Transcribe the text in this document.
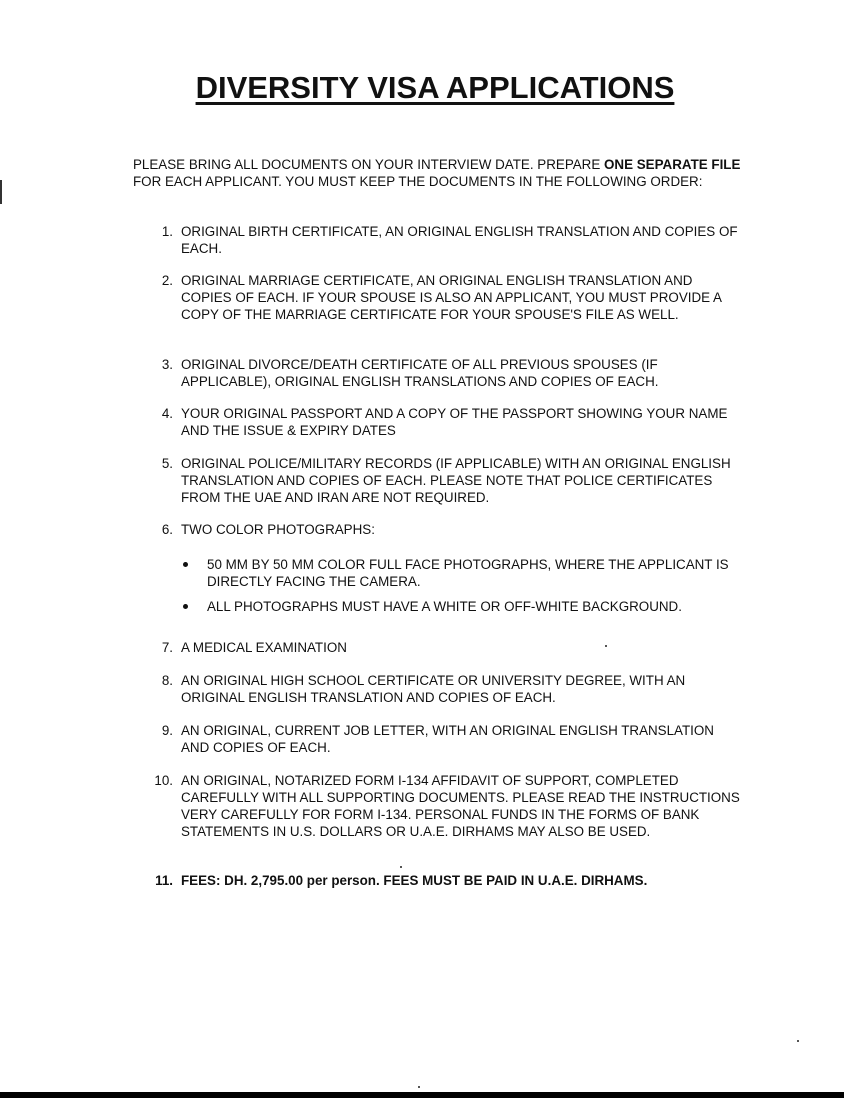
DIVERSITY VISA APPLICATIONS

PLEASE BRING ALL DOCUMENTS ON YOUR INTERVIEW DATE. PREPARE ONE SEPARATE FILE FOR EACH APPLICANT. YOU MUST KEEP THE DOCUMENTS IN THE FOLLOWING ORDER:

1. ORIGINAL BIRTH CERTIFICATE, AN ORIGINAL ENGLISH TRANSLATION AND COPIES OF EACH.
2. ORIGINAL MARRIAGE CERTIFICATE, AN ORIGINAL ENGLISH TRANSLATION AND COPIES OF EACH. IF YOUR SPOUSE IS ALSO AN APPLICANT, YOU MUST PROVIDE A COPY OF THE MARRIAGE CERTIFICATE FOR YOUR SPOUSE'S FILE AS WELL.
3. ORIGINAL DIVORCE/DEATH CERTIFICATE OF ALL PREVIOUS SPOUSES (IF APPLICABLE), ORIGINAL ENGLISH TRANSLATIONS AND COPIES OF EACH.
4. YOUR ORIGINAL PASSPORT AND A COPY OF THE PASSPORT SHOWING YOUR NAME AND THE ISSUE & EXPIRY DATES
5. ORIGINAL POLICE/MILITARY RECORDS (IF APPLICABLE) WITH AN ORIGINAL ENGLISH TRANSLATION AND COPIES OF EACH. PLEASE NOTE THAT POLICE CERTIFICATES FROM THE UAE AND IRAN ARE NOT REQUIRED.
6. TWO COLOR PHOTOGRAPHS:
50 MM BY 50 MM COLOR FULL FACE PHOTOGRAPHS, WHERE THE APPLICANT IS DIRECTLY FACING THE CAMERA.
ALL PHOTOGRAPHS MUST HAVE A WHITE OR OFF-WHITE BACKGROUND.
7. A MEDICAL EXAMINATION
8. AN ORIGINAL HIGH SCHOOL CERTIFICATE OR UNIVERSITY DEGREE, WITH AN ORIGINAL ENGLISH TRANSLATION AND COPIES OF EACH.
9. AN ORIGINAL, CURRENT JOB LETTER, WITH AN ORIGINAL ENGLISH TRANSLATION AND COPIES OF EACH.
10. AN ORIGINAL, NOTARIZED FORM I-134 AFFIDAVIT OF SUPPORT, COMPLETED CAREFULLY WITH ALL SUPPORTING DOCUMENTS. PLEASE READ THE INSTRUCTIONS VERY CAREFULLY FOR FORM I-134. PERSONAL FUNDS IN THE FORMS OF BANK STATEMENTS IN U.S. DOLLARS OR U.A.E. DIRHAMS MAY ALSO BE USED.
11. FEES: DH. 2,795.00 per person. FEES MUST BE PAID IN U.A.E. DIRHAMS.
